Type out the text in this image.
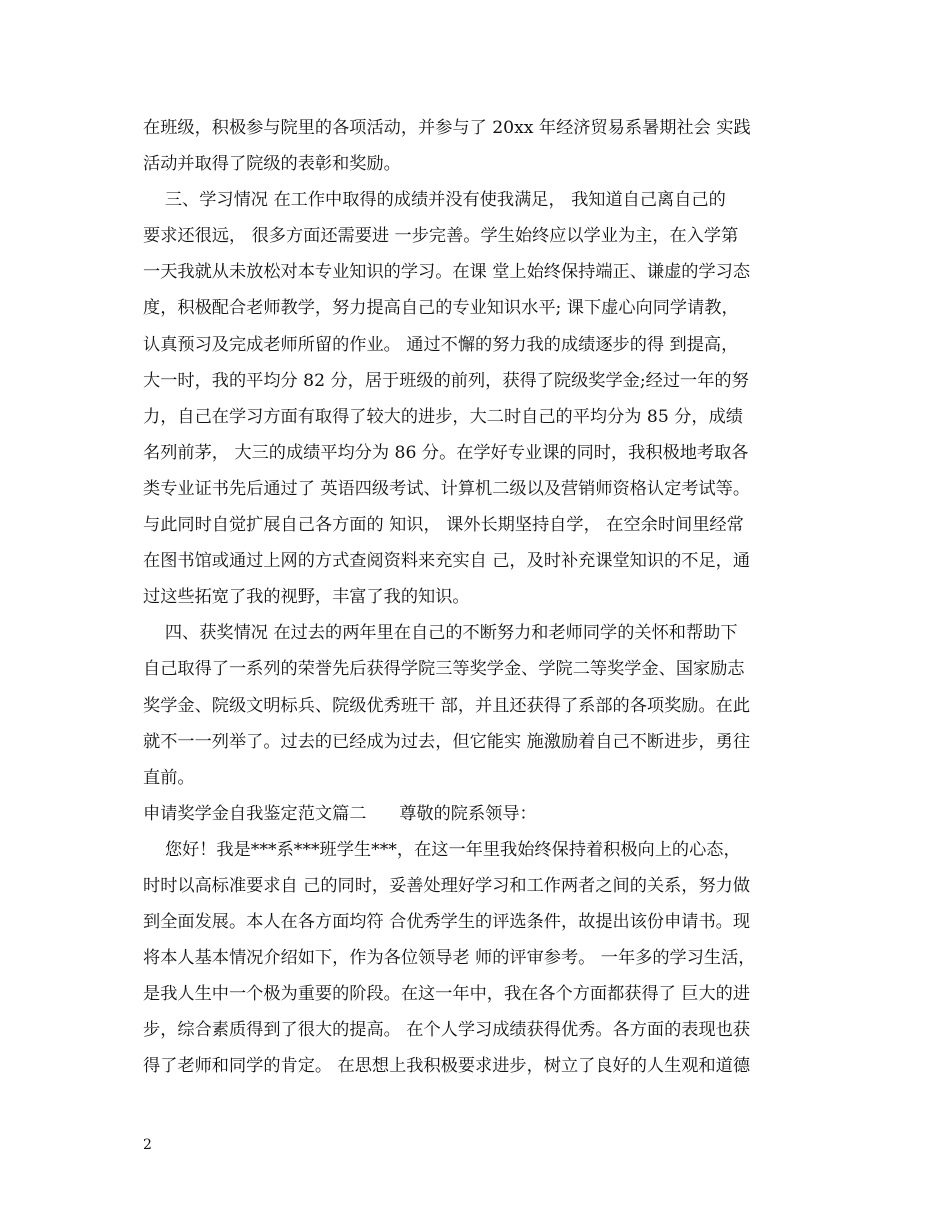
在班级，积极参与院里的各项活动，并参与了 20xx 年经济贸易系暑期社会 实践
活动并取得了院级的表彰和奖励。
三、学习情况 在工作中取得的成绩并没有使我满足， 我知道自己离自己的
要求还很远， 很多方面还需要进 一步完善。学生始终应以学业为主，在入学第
一天我就从未放松对本专业知识的学习。在课 堂上始终保持端正、谦虚的学习态
度，积极配合老师教学，努力提高自己的专业知识水平; 课下虚心向同学请教，
认真预习及完成老师所留的作业。 通过不懈的努力我的成绩逐步的得 到提高，
大一时，我的平均分 82 分，居于班级的前列，获得了院级奖学金;经过一年的努
力，自己在学习方面有取得了较大的进步，大二时自己的平均分为 85 分，成绩
名列前茅， 大三的成绩平均分为 86 分。在学好专业课的同时，我积极地考取各
类专业证书先后通过了 英语四级考试、计算机二级以及营销师资格认定考试等。
与此同时自觉扩展自己各方面的 知识， 课外长期坚持自学， 在空余时间里经常
在图书馆或通过上网的方式查阅资料来充实自 己，及时补充课堂知识的不足，通
过这些拓宽了我的视野，丰富了我的知识。
四、获奖情况 在过去的两年里在自己的不断努力和老师同学的关怀和帮助下
自己取得了一系列的荣誉先后获得学院三等奖学金、学院二等奖学金、国家励志
奖学金、院级文明标兵、院级优秀班干 部，并且还获得了系部的各项奖励。在此
就不一一列举了。过去的已经成为过去，但它能实 施激励着自己不断进步，勇往
直前。
申请奖学金自我鉴定范文篇二      尊敬的院系领导：
您好！我是***系***班学生***，在这一年里我始终保持着积极向上的心态，
时时以高标准要求自 己的同时，妥善处理好学习和工作两者之间的关系，努力做
到全面发展。本人在各方面均符 合优秀学生的评选条件，故提出该份申请书。现
将本人基本情况介绍如下，作为各位领导老 师的评审参考。 一年多的学习生活，
是我人生中一个极为重要的阶段。在这一年中，我在各个方面都获得了 巨大的进
步，综合素质得到了很大的提高。 在个人学习成绩获得优秀。各方面的表现也获
得了老师和同学的肯定。 在思想上我积极要求进步，树立了良好的人生观和道德
2
